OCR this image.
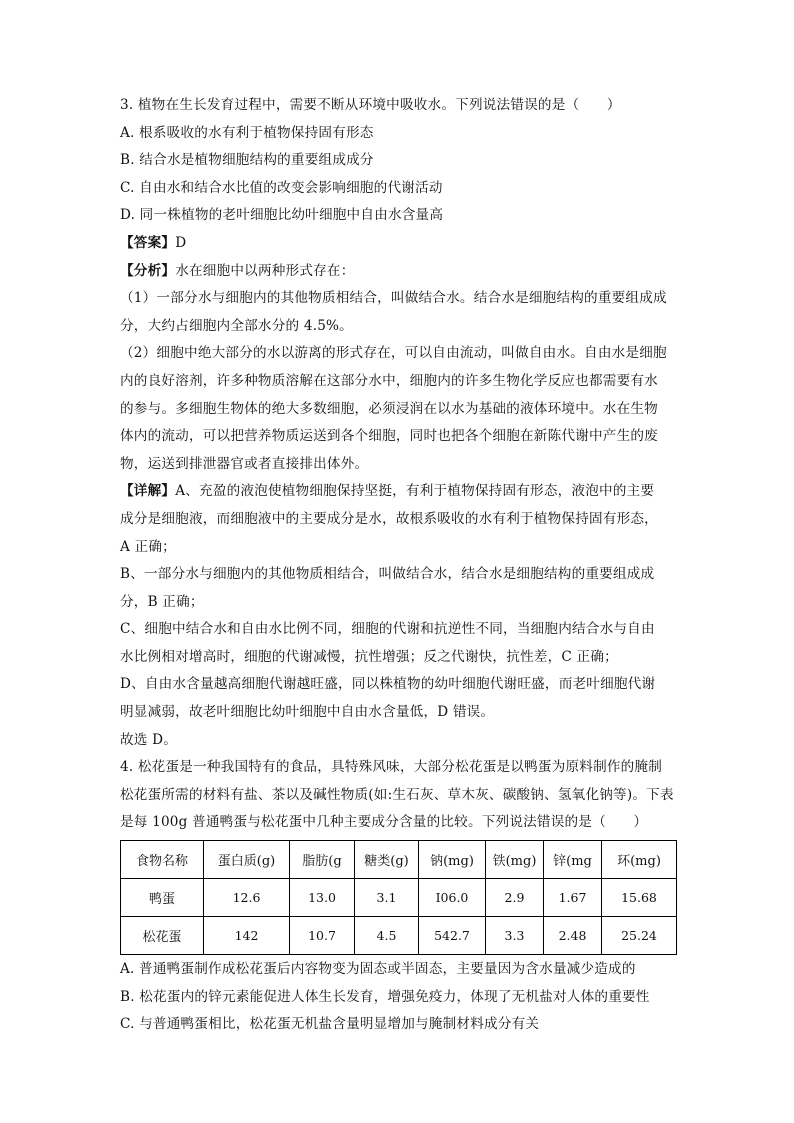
3. 植物在生长发育过程中，需要不断从环境中吸收水。下列说法错误的是（　　）
A. 根系吸收的水有利于植物保持固有形态
B. 结合水是植物细胞结构的重要组成成分
C. 自由水和结合水比值的改变会影响细胞的代谢活动
D. 同一株植物的老叶细胞比幼叶细胞中自由水含量高
【答案】D
【分析】水在细胞中以两种形式存在：
（1）一部分水与细胞内的其他物质相结合，叫做结合水。结合水是细胞结构的重要组成成
分，大约占细胞内全部水分的 4.5%。
（2）细胞中绝大部分的水以游离的形式存在，可以自由流动，叫做自由水。自由水是细胞
内的良好溶剂，许多种物质溶解在这部分水中，细胞内的许多生物化学反应也都需要有水
的参与。多细胞生物体的绝大多数细胞，必须浸润在以水为基础的液体环境中。水在生物
体内的流动，可以把营养物质运送到各个细胞，同时也把各个细胞在新陈代谢中产生的废
物，运送到排泄器官或者直接排出体外。
【详解】A、充盈的液泡使植物细胞保持坚挺，有利于植物保持固有形态，液泡中的主要
成分是细胞液，而细胞液中的主要成分是水，故根系吸收的水有利于植物保持固有形态，
A 正确；
B、一部分水与细胞内的其他物质相结合，叫做结合水，结合水是细胞结构的重要组成成
分，B 正确；
C、细胞中结合水和自由水比例不同，细胞的代谢和抗逆性不同，当细胞内结合水与自由
水比例相对增高时，细胞的代谢减慢，抗性增强；反之代谢快，抗性差，C 正确；
D、自由水含量越高细胞代谢越旺盛，同以株植物的幼叶细胞代谢旺盛，而老叶细胞代谢
明显减弱，故老叶细胞比幼叶细胞中自由水含量低，D 错误。
故选 D。
4. 松花蛋是一种我国特有的食品，具特殊风味，大部分松花蛋是以鸭蛋为原料制作的腌制
松花蛋所需的材料有盐、茶以及碱性物质(如:生石灰、草木灰、碳酸钠、氢氧化钠等)。下表
是每 100g 普通鸭蛋与松花蛋中几种主要成分含量的比较。下列说法错误的是（　　）
食物名称	蛋白质(g)	脂肪(g	糖类(g)	钠(mg)	铁(mg)	锌(mg	环(mg)
鸭蛋	12.6	13.0	3.1	I06.0	2.9	1.67	15.68
松花蛋	142	10.7	4.5	542.7	3.3	2.48	25.24
A. 普通鸭蛋制作成松花蛋后内容物变为固态或半固态，主要量因为含水量减少造成的
B. 松花蛋内的锌元素能促进人体生长发育，增强免疫力，体现了无机盐对人体的重要性
C. 与普通鸭蛋相比，松花蛋无机盐含量明显增加与腌制材料成分有关
